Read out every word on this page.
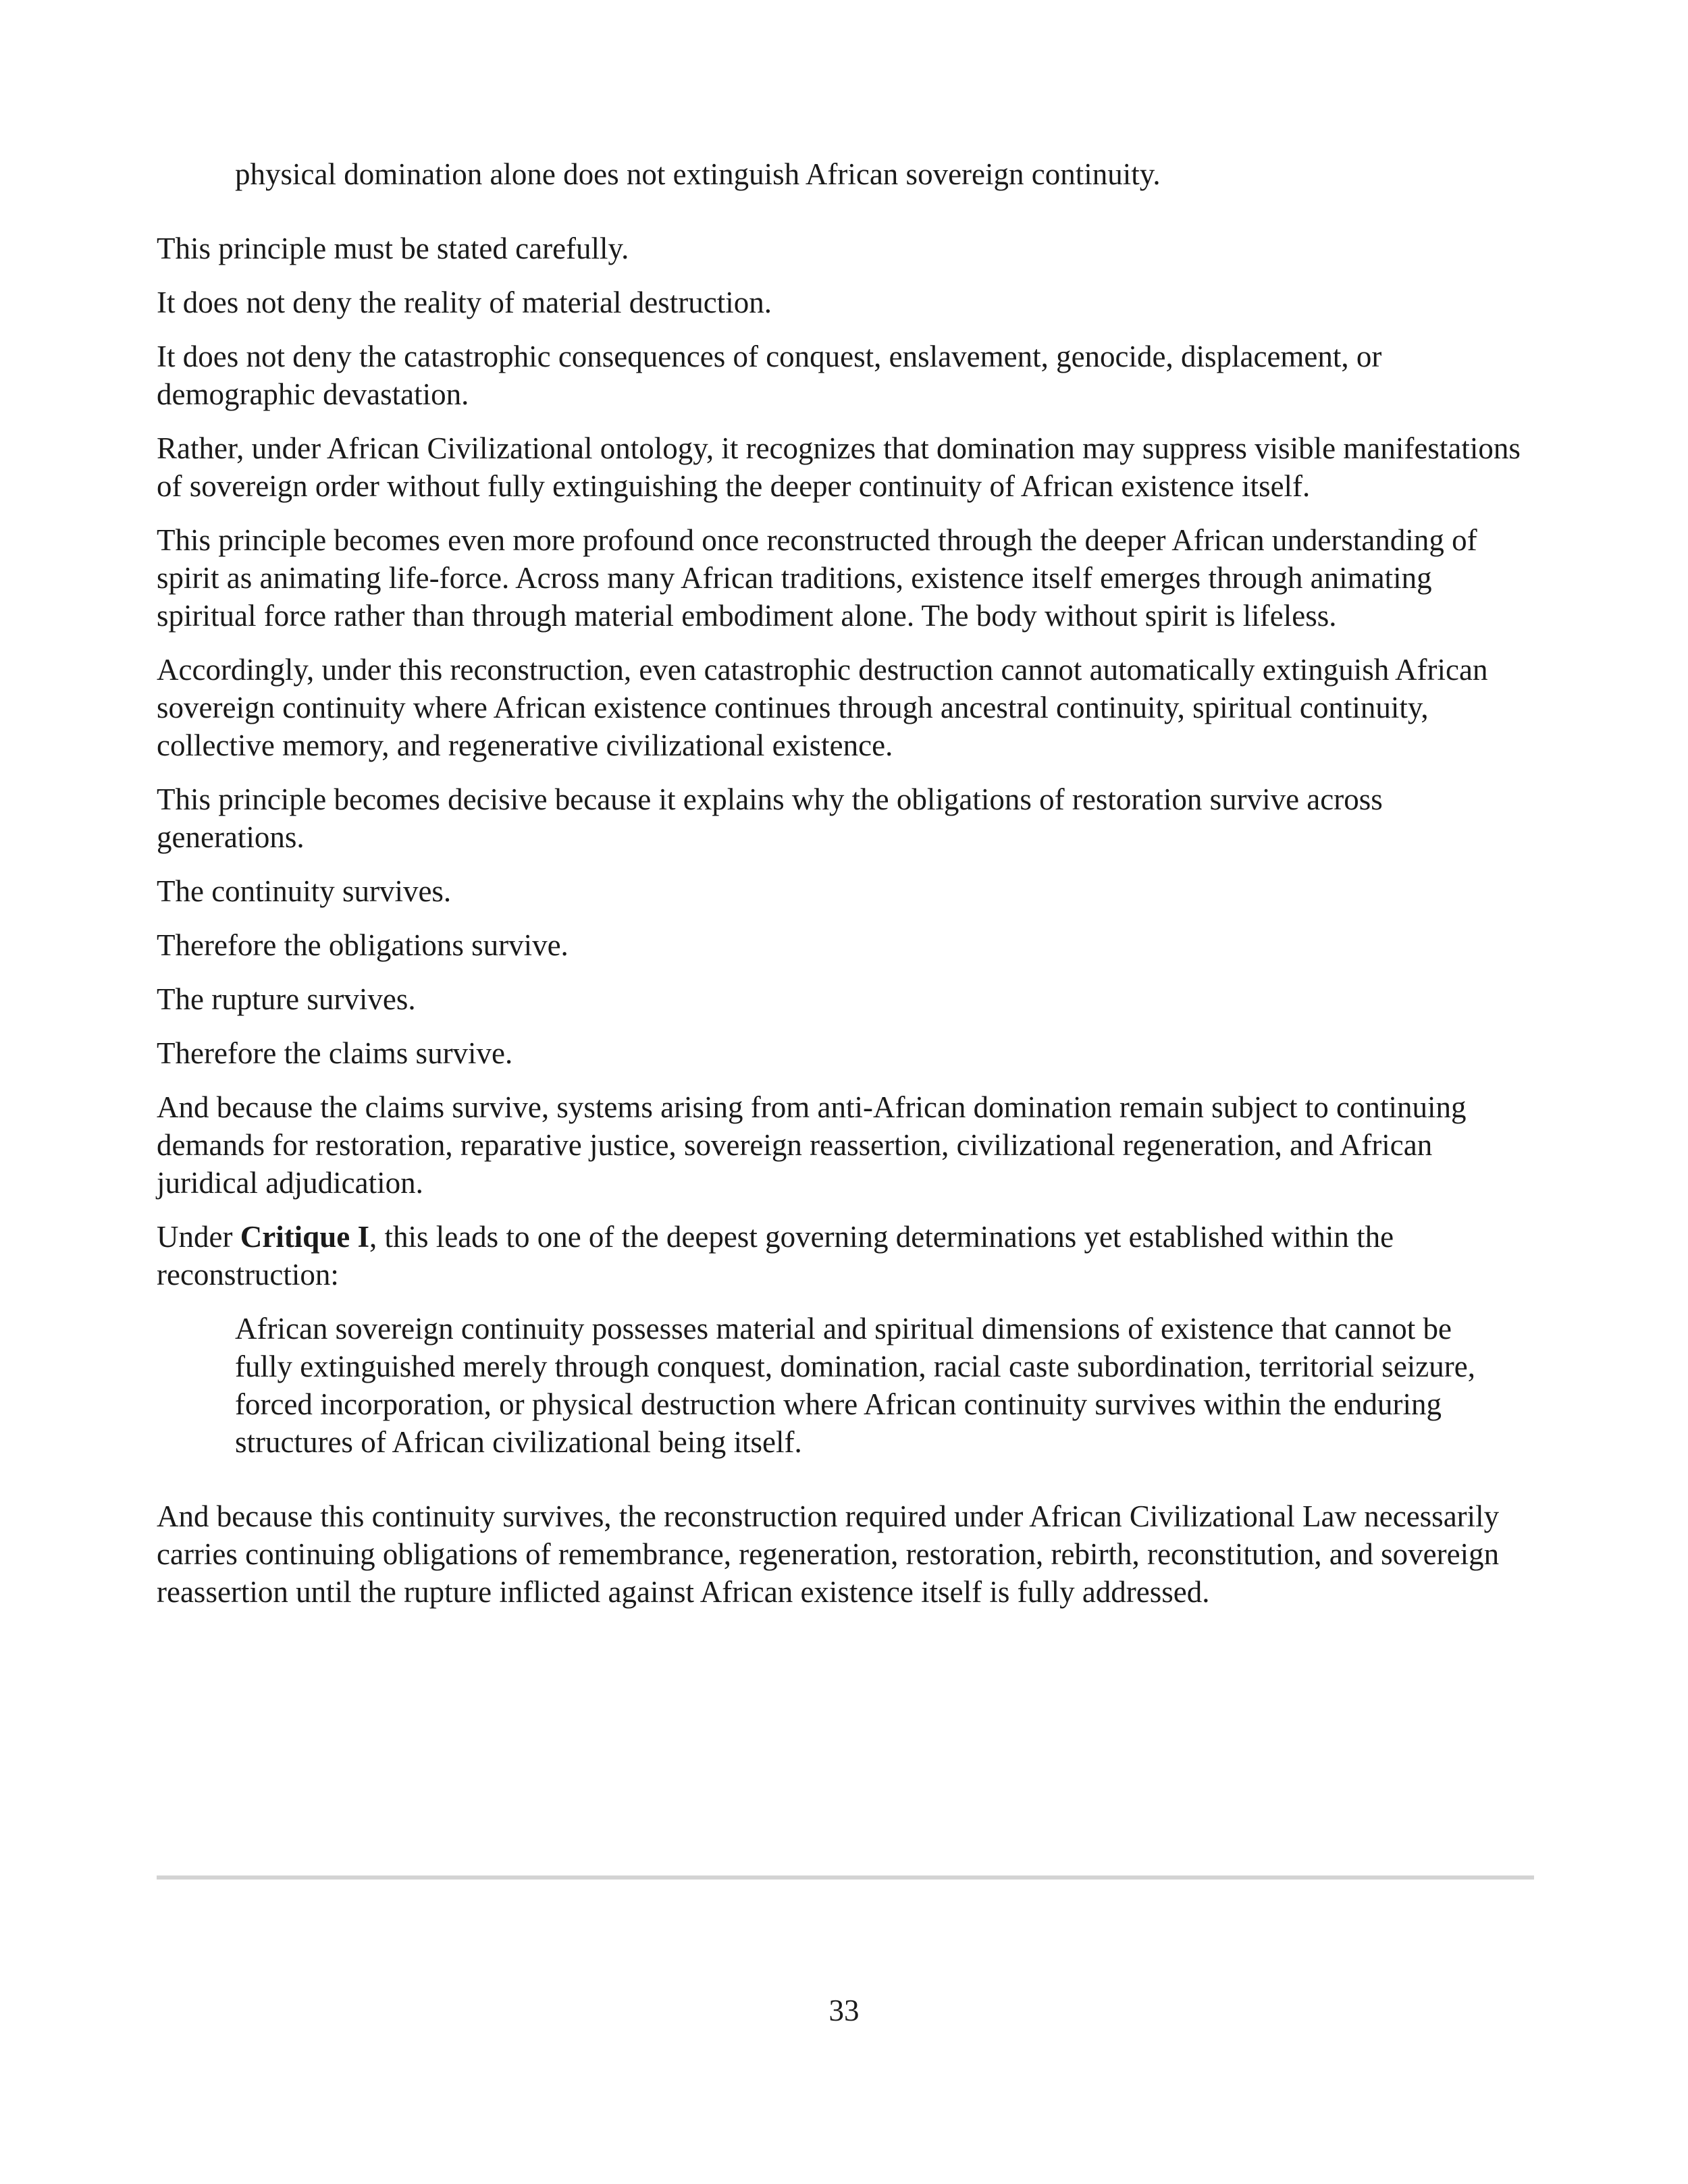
physical domination alone does not extinguish African sovereign continuity.

This principle must be stated carefully.

It does not deny the reality of material destruction.

It does not deny the catastrophic consequences of conquest, enslavement, genocide, displacement, or demographic devastation.

Rather, under African Civilizational ontology, it recognizes that domination may suppress visible manifestations of sovereign order without fully extinguishing the deeper continuity of African existence itself.

This principle becomes even more profound once reconstructed through the deeper African understanding of spirit as animating life-force. Across many African traditions, existence itself emerges through animating spiritual force rather than through material embodiment alone. The body without spirit is lifeless.

Accordingly, under this reconstruction, even catastrophic destruction cannot automatically extinguish African sovereign continuity where African existence continues through ancestral continuity, spiritual continuity, collective memory, and regenerative civilizational existence.

This principle becomes decisive because it explains why the obligations of restoration survive across generations.

The continuity survives.

Therefore the obligations survive.

The rupture survives.

Therefore the claims survive.

And because the claims survive, systems arising from anti-African domination remain subject to continuing demands for restoration, reparative justice, sovereign reassertion, civilizational regeneration, and African juridical adjudication.

Under Critique I, this leads to one of the deepest governing determinations yet established within the reconstruction:

African sovereign continuity possesses material and spiritual dimensions of existence that cannot be fully extinguished merely through conquest, domination, racial caste subordination, territorial seizure, forced incorporation, or physical destruction where African continuity survives within the enduring structures of African civilizational being itself.

And because this continuity survives, the reconstruction required under African Civilizational Law necessarily carries continuing obligations of remembrance, regeneration, restoration, rebirth, reconstitution, and sovereign reassertion until the rupture inflicted against African existence itself is fully addressed.

33
